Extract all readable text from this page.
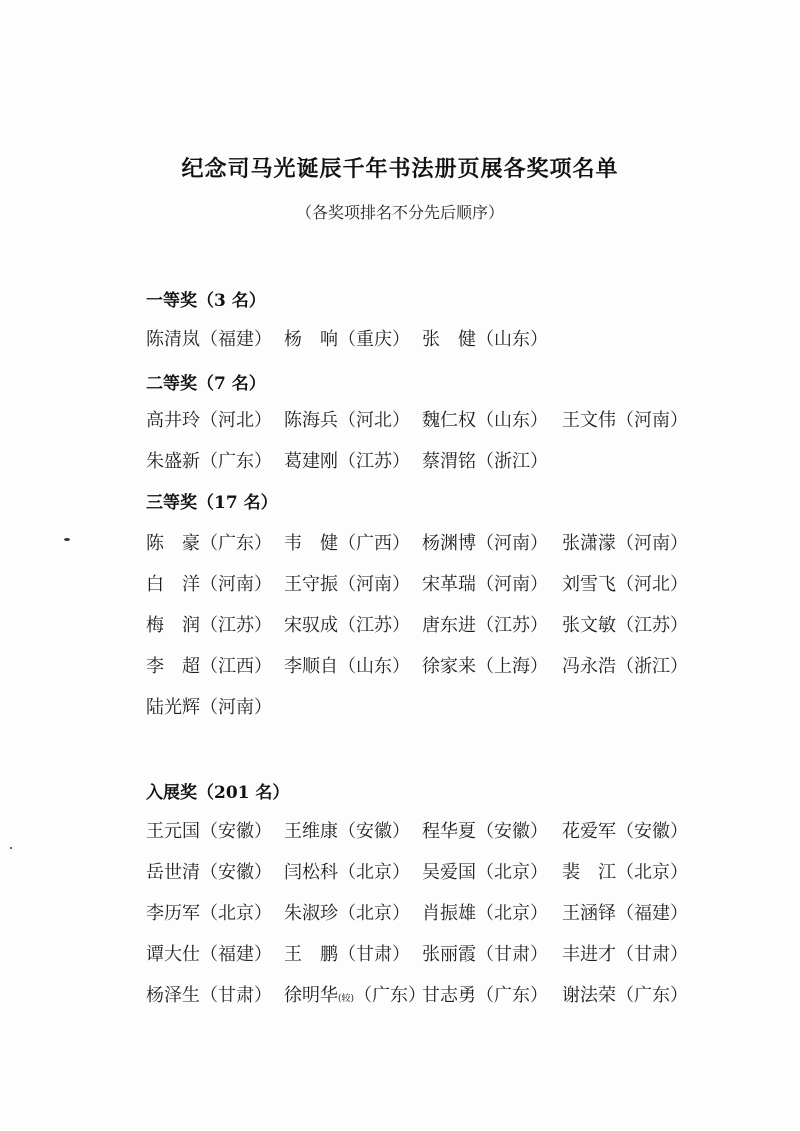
纪念司马光诞辰千年书法册页展各奖项名单
（各奖项排名不分先后顺序）
一等奖（3 名）
陈清岚（福建） 杨　响（重庆） 张　健（山东）
二等奖（7 名）
高井玲（河北） 陈海兵（河北） 魏仁权（山东） 王文伟（河南）
朱盛新（广东） 葛建刚（江苏） 蔡渭铭（浙江）
三等奖（17 名）
陈　豪（广东） 韦　健（广西） 杨渊博（河南） 张潇濛（河南）
白　洋（河南） 王守振（河南） 宋革瑞（河南） 刘雪飞（河北）
梅　润（江苏） 宋驭成（江苏） 唐东进（江苏） 张文敏（江苏）
李　超（江西） 李顺自（山东） 徐家来（上海） 冯永浩（浙江）
陆光辉（河南）
入展奖（201 名）
王元国（安徽） 王维康（安徽） 程华夏（安徽） 花爱军（安徽）
岳世清（安徽） 闫松科（北京） 吴爱国（北京） 裴　江（北京）
李历军（北京） 朱淑珍（北京） 肖振雄（北京） 王涵铎（福建）
谭大仕（福建） 王　鹏（甘肃） 张丽霞（甘肃） 丰进才（甘肃）
杨泽生（甘肃） 徐明华(较)（广东）
甘志勇（广东） 谢法荣（广东）
